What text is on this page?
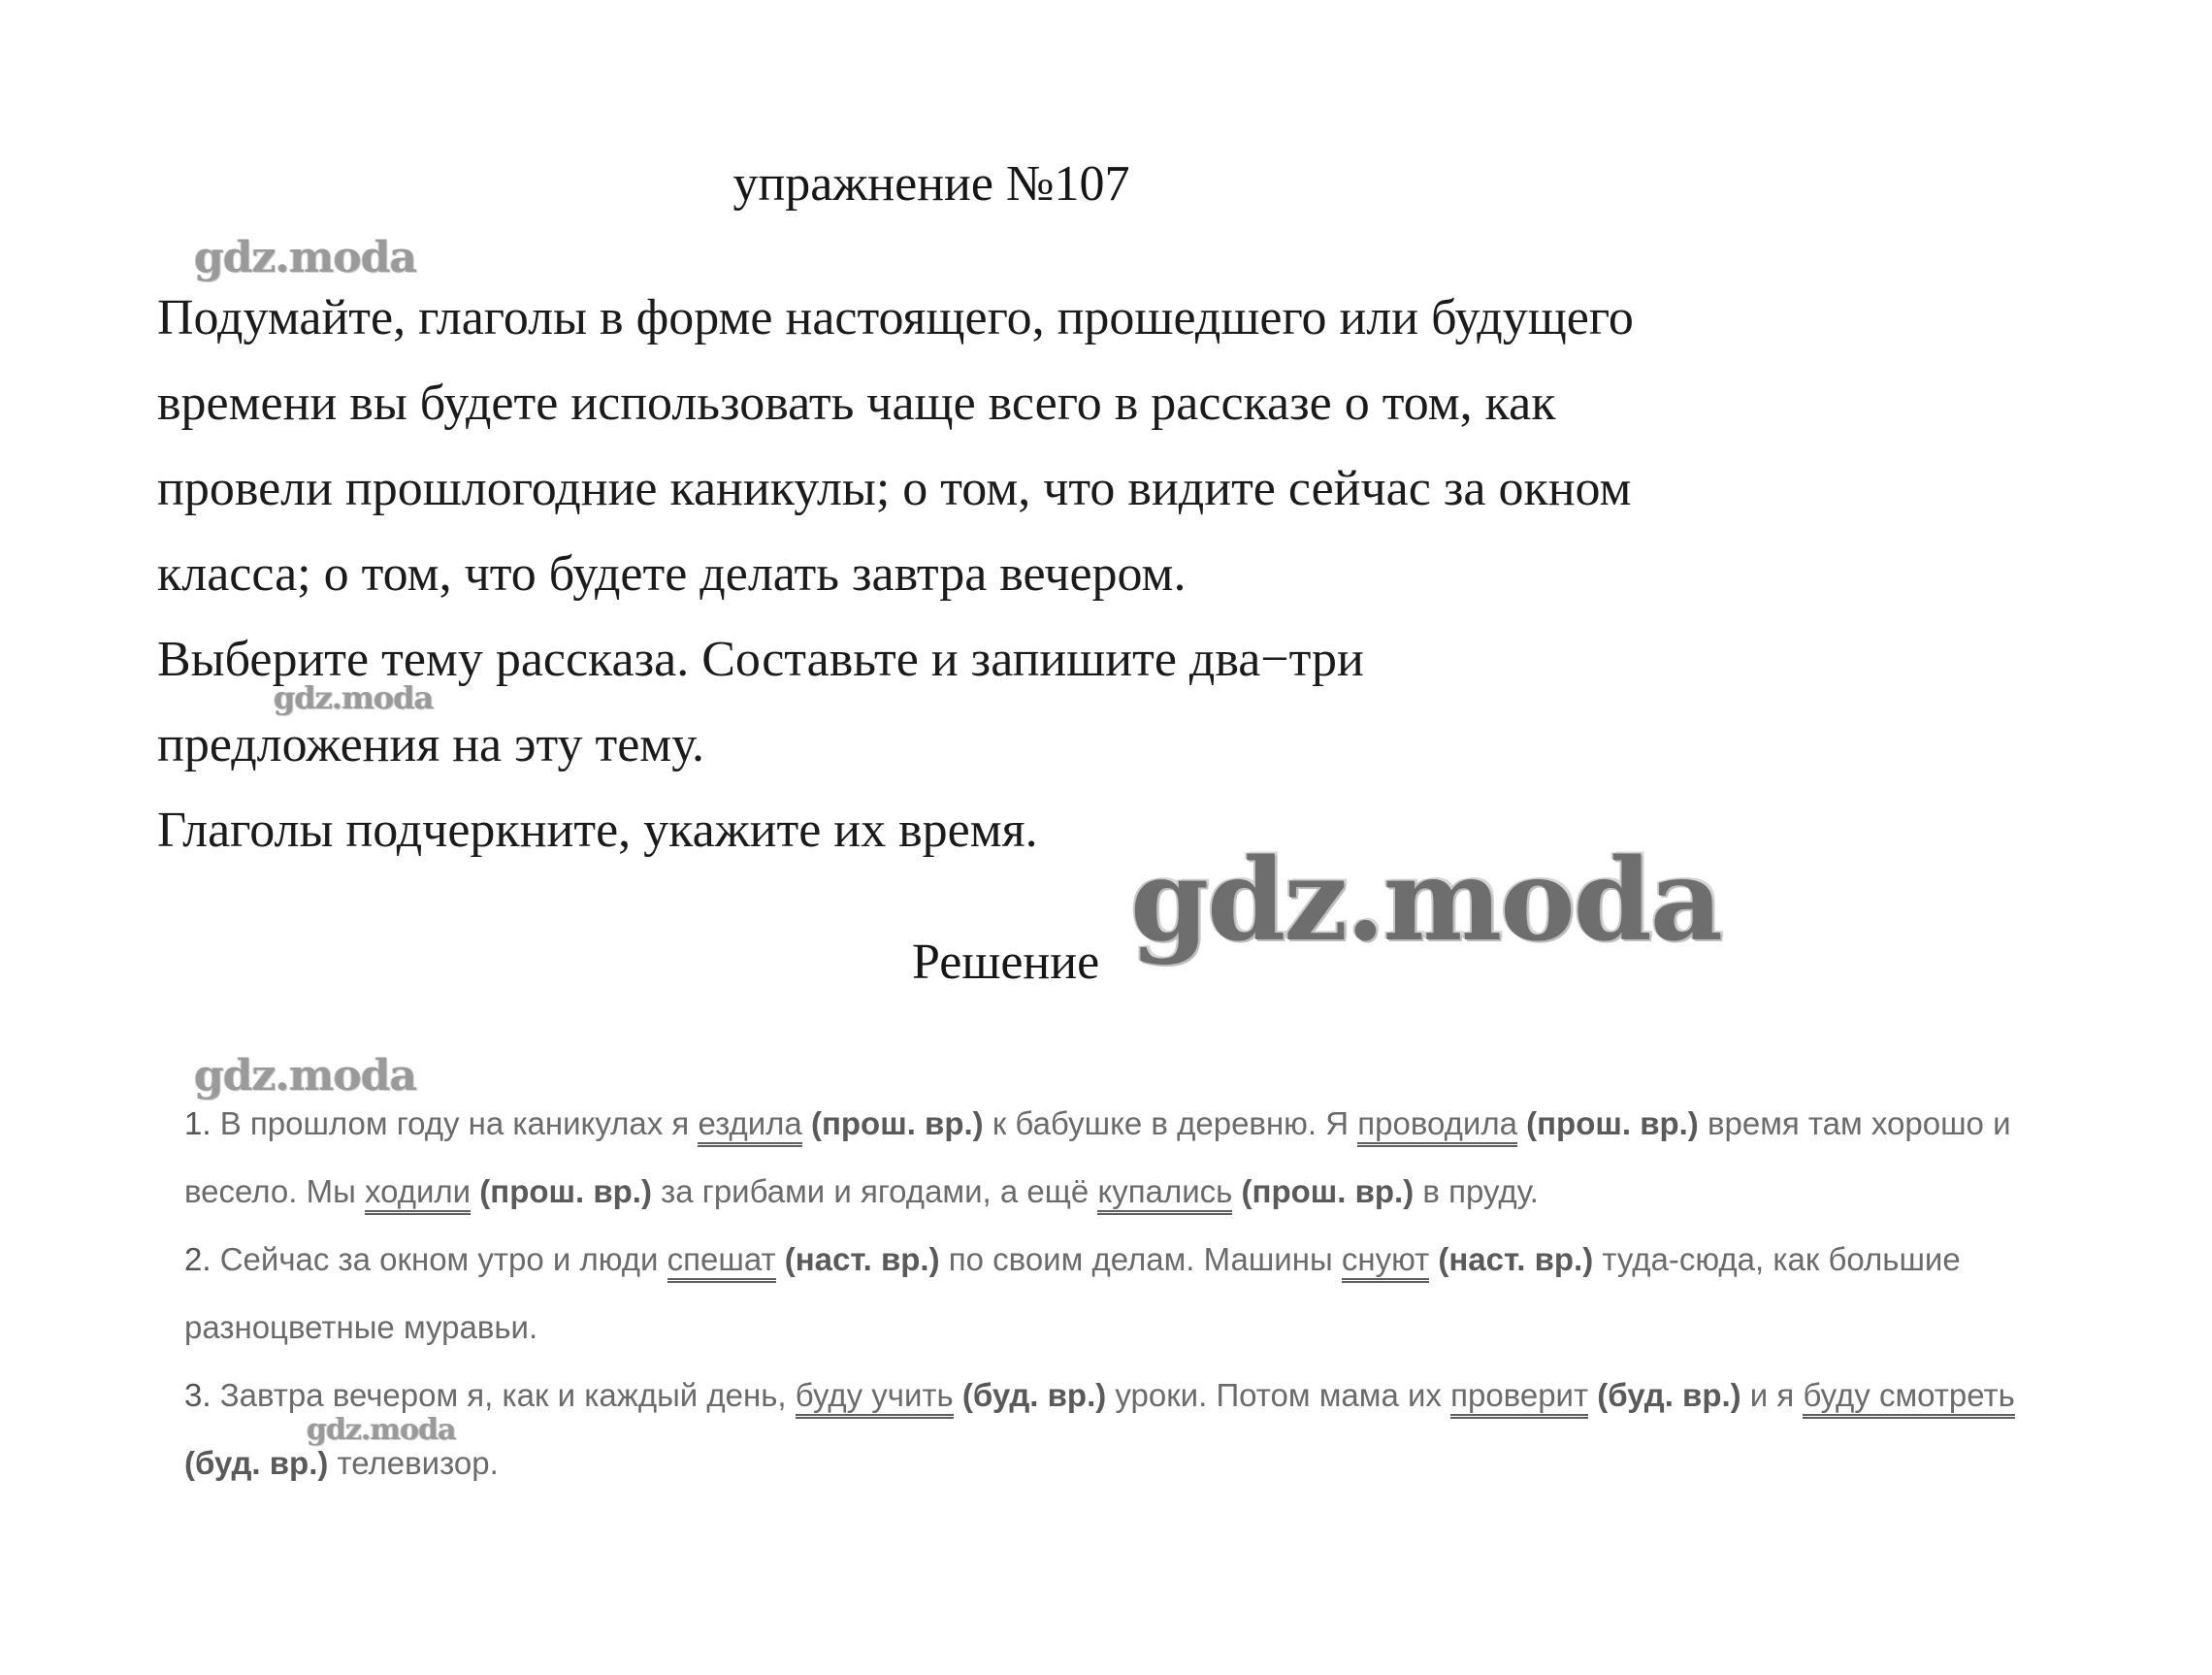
упражнение №107
gdz.moda

Подумайте, глаголы в форме настоящего, прошедшего или будущего

времени вы будете использовать чаще всего в рассказе о том, как

провели прошлогодние каникулы; о том, что видите сейчас за окном

класса; о том, что будете делать завтра вечером.

Выберите тему рассказа. Составьте и запишите два−три

предложения на эту тему.

Глаголы подчеркните, укажите их время.

gdz.moda
Решение gdz.moda
gdz.moda
1. В прошлом году на каникулах я ездила (прош. вр.) к бабушке в деревню. Я проводила (прош. вр.) время там хорошо и
весело. Мы ходили (прош. вр.) за грибами и ягодами, а ещё купались (прош. вр.) в пруду.
2. Сейчас за окном утро и люди спешат (наст. вр.) по своим делам. Машины снуют (наст. вр.) туда-сюда, как большие
разноцветные муравьи.
3. Завтра вечером я, как и каждый день, буду учить (буд. вр.) уроки. Потом мама их проверит (буд. вр.) и я буду смотреть
(буд. вр.) телевизор.
gdz.moda
